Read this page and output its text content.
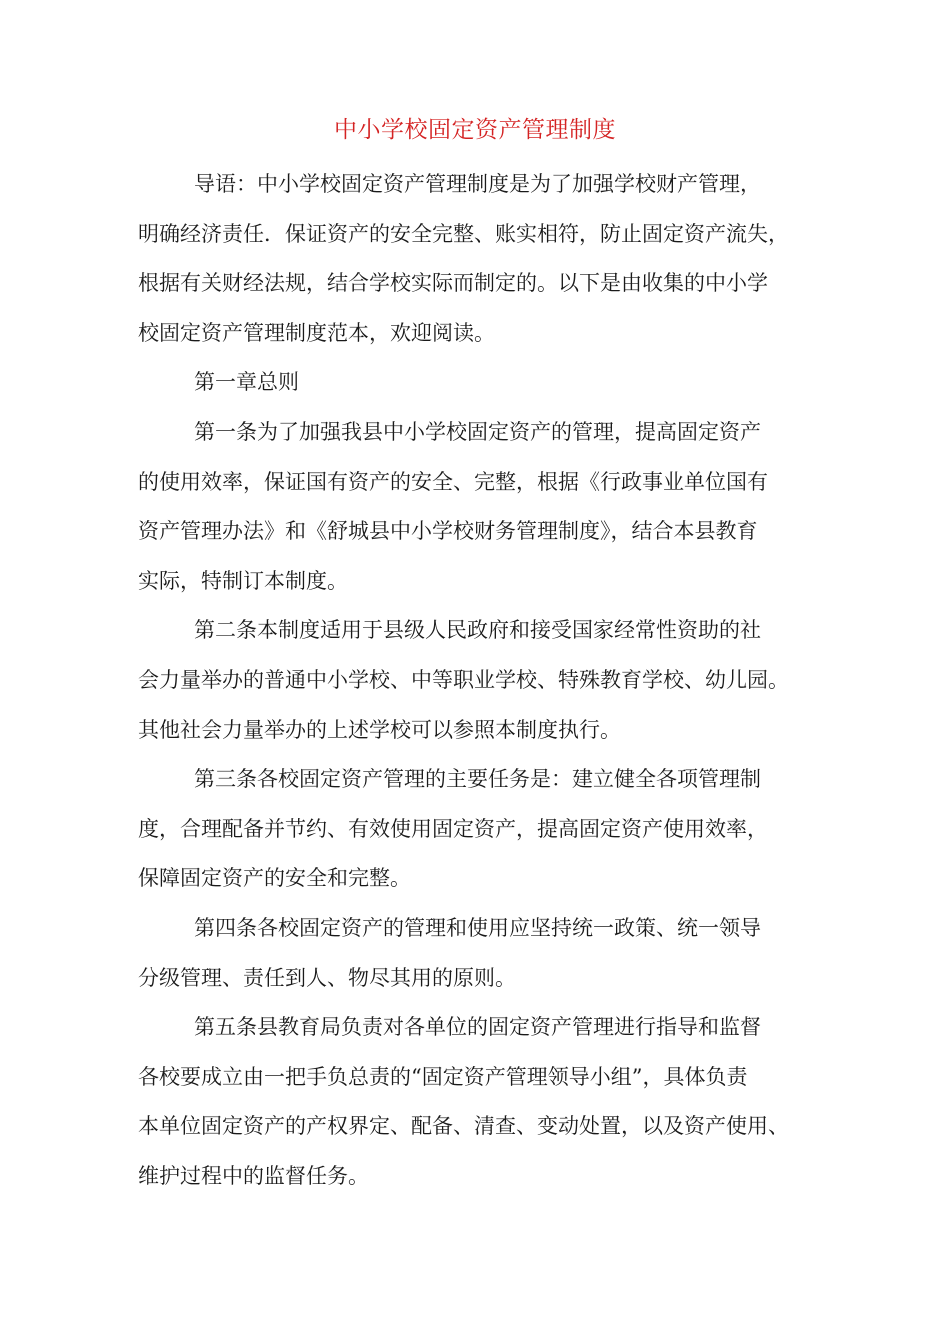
中小学校固定资产管理制度
导语：中小学校固定资产管理制度是为了加强学校财产管理，
明确经济责任．保证资产的安全完整、账实相符，防止固定资产流失，
根据有关财经法规，结合学校实际而制定的。以下是由收集的中小学
校固定资产管理制度范本，欢迎阅读。
第一章总则
第一条为了加强我县中小学校固定资产的管理，提高固定资产
的使用效率，保证国有资产的安全、完整，根据《行政事业单位国有
资产管理办法》和《舒城县中小学校财务管理制度》，结合本县教育
实际，特制订本制度。
第二条本制度适用于县级人民政府和接受国家经常性资助的社
会力量举办的普通中小学校、中等职业学校、特殊教育学校、幼儿园。
其他社会力量举办的上述学校可以参照本制度执行。
第三条各校固定资产管理的主要任务是：建立健全各项管理制
度，合理配备并节约、有效使用固定资产，提高固定资产使用效率，
保障固定资产的安全和完整。
第四条各校固定资产的管理和使用应坚持统一政策、统一领导
分级管理、责任到人、物尽其用的原则。
第五条县教育局负责对各单位的固定资产管理进行指导和监督
各校要成立由一把手负总责的“固定资产管理领导小组”，具体负责
本单位固定资产的产权界定、配备、清查、变动处置，以及资产使用、
维护过程中的监督任务。
